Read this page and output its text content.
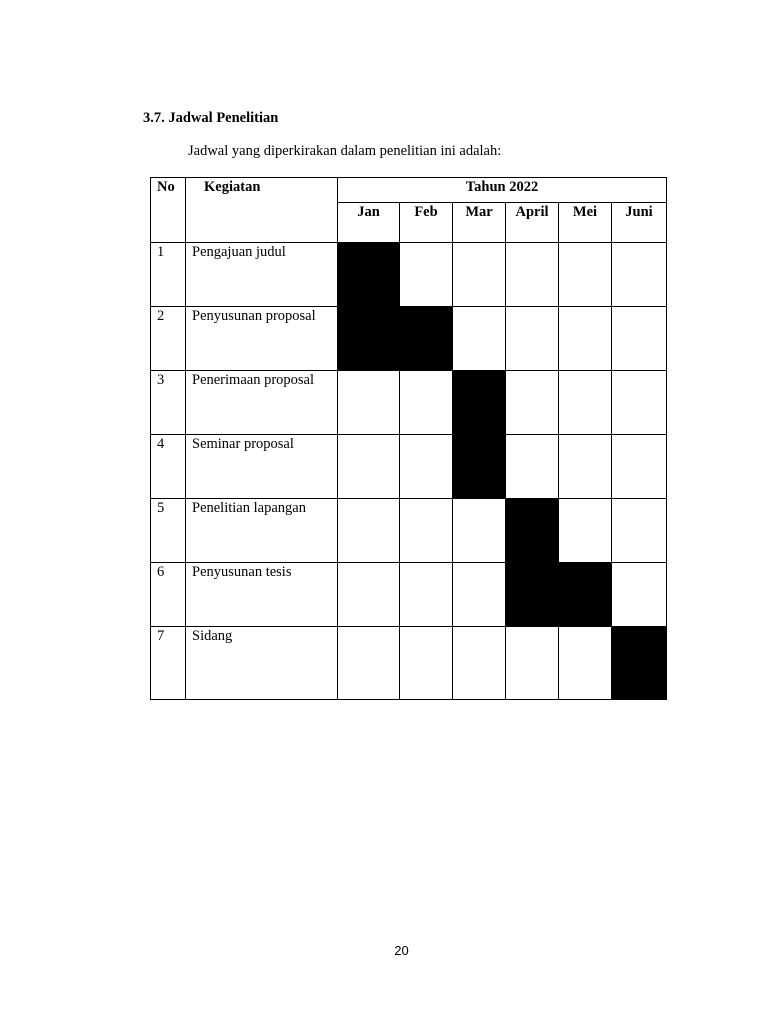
3.7. Jadwal Penelitian

Jadwal yang diperkirakan dalam penelitian ini adalah:

No	Kegiatan	Tahun 2022					
		Jan	Feb	Mar	April	Mei	Juni
1	Pengajuan judul						
2	Penyusunan proposal						
3	Penerimaan proposal						
4	Seminar proposal						
5	Penelitian lapangan						
6	Penyusunan tesis						
7	Sidang						

20
